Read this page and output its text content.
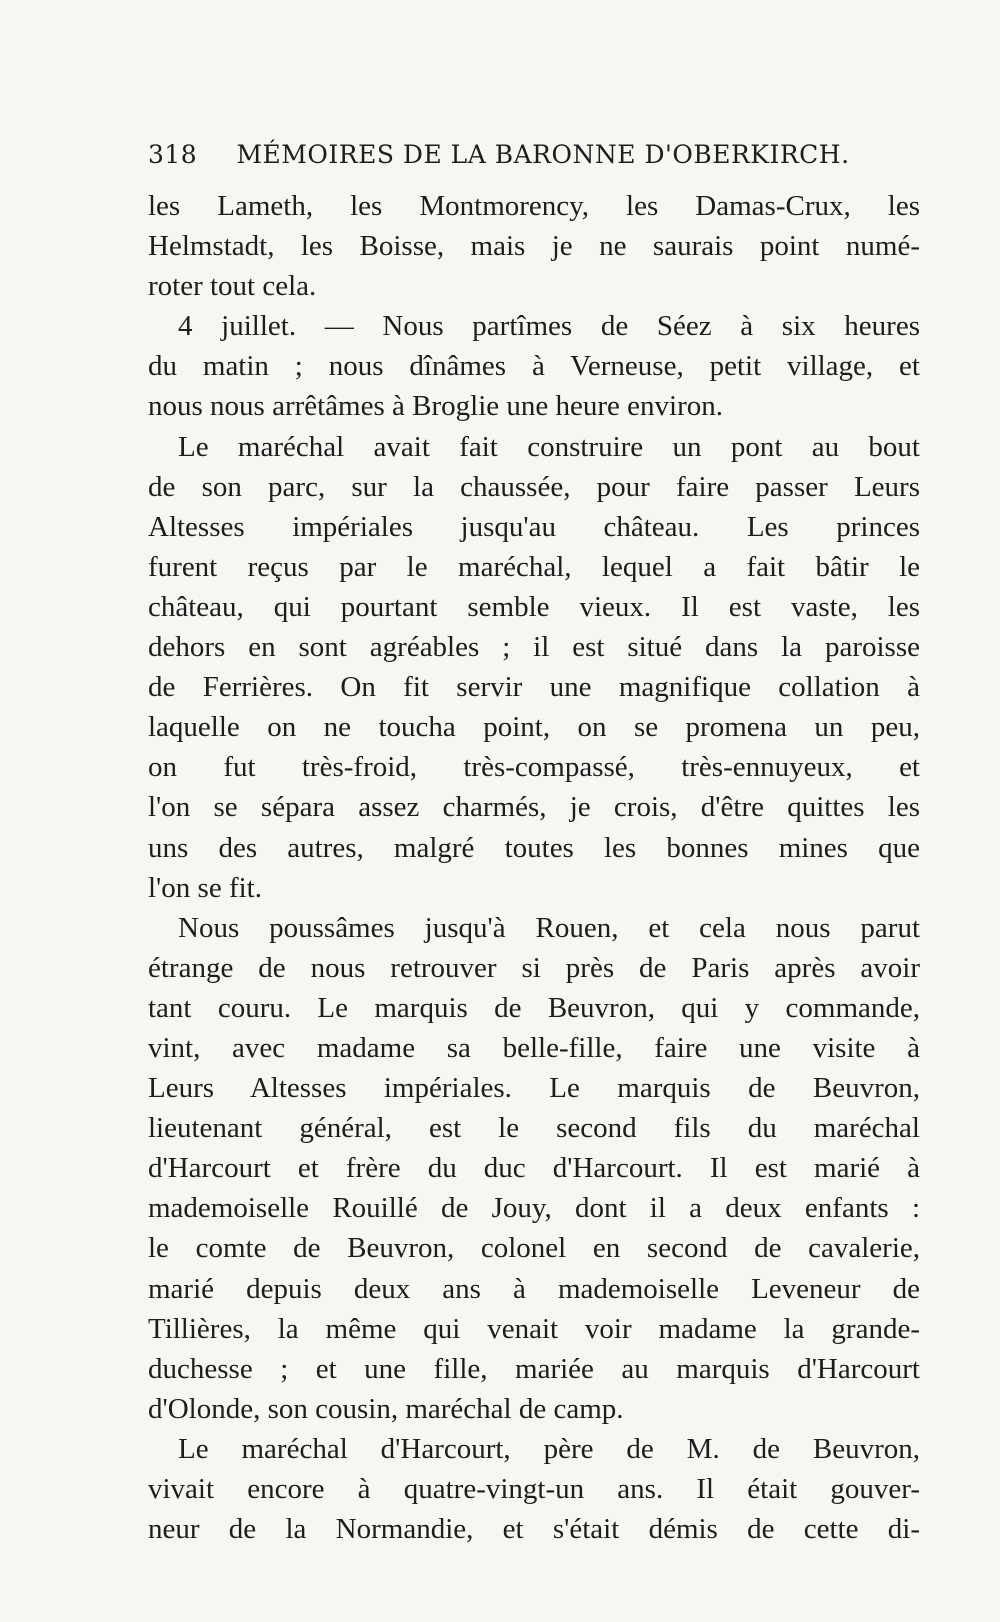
318 MÉMOIRES DE LA BARONNE D'OBERKIRCH.
les Lameth, les Montmorency, les Damas-Crux, les
Helmstadt, les Boisse, mais je ne saurais point numé-
roter tout cela.
4 juillet. — Nous partîmes de Séez à six heures
du matin ; nous dînâmes à Verneuse, petit village, et
nous nous arrêtâmes à Broglie une heure environ.
Le maréchal avait fait construire un pont au bout
de son parc, sur la chaussée, pour faire passer Leurs
Altesses impériales jusqu'au château. Les princes
furent reçus par le maréchal, lequel a fait bâtir le
château, qui pourtant semble vieux. Il est vaste, les
dehors en sont agréables ; il est situé dans la paroisse
de Ferrières. On fit servir une magnifique collation à
laquelle on ne toucha point, on se promena un peu,
on fut très-froid, très-compassé, très-ennuyeux, et
l'on se sépara assez charmés, je crois, d'être quittes les
uns des autres, malgré toutes les bonnes mines que
l'on se fit.
Nous poussâmes jusqu'à Rouen, et cela nous parut
étrange de nous retrouver si près de Paris après avoir
tant couru. Le marquis de Beuvron, qui y commande,
vint, avec madame sa belle-fille, faire une visite à
Leurs Altesses impériales. Le marquis de Beuvron,
lieutenant général, est le second fils du maréchal
d'Harcourt et frère du duc d'Harcourt. Il est marié à
mademoiselle Rouillé de Jouy, dont il a deux enfants :
le comte de Beuvron, colonel en second de cavalerie,
marié depuis deux ans à mademoiselle Leveneur de
Tillières, la même qui venait voir madame la grande-
duchesse ; et une fille, mariée au marquis d'Harcourt
d'Olonde, son cousin, maréchal de camp.
Le maréchal d'Harcourt, père de M. de Beuvron,
vivait encore à quatre-vingt-un ans. Il était gouver-
neur de la Normandie, et s'était démis de cette di-
